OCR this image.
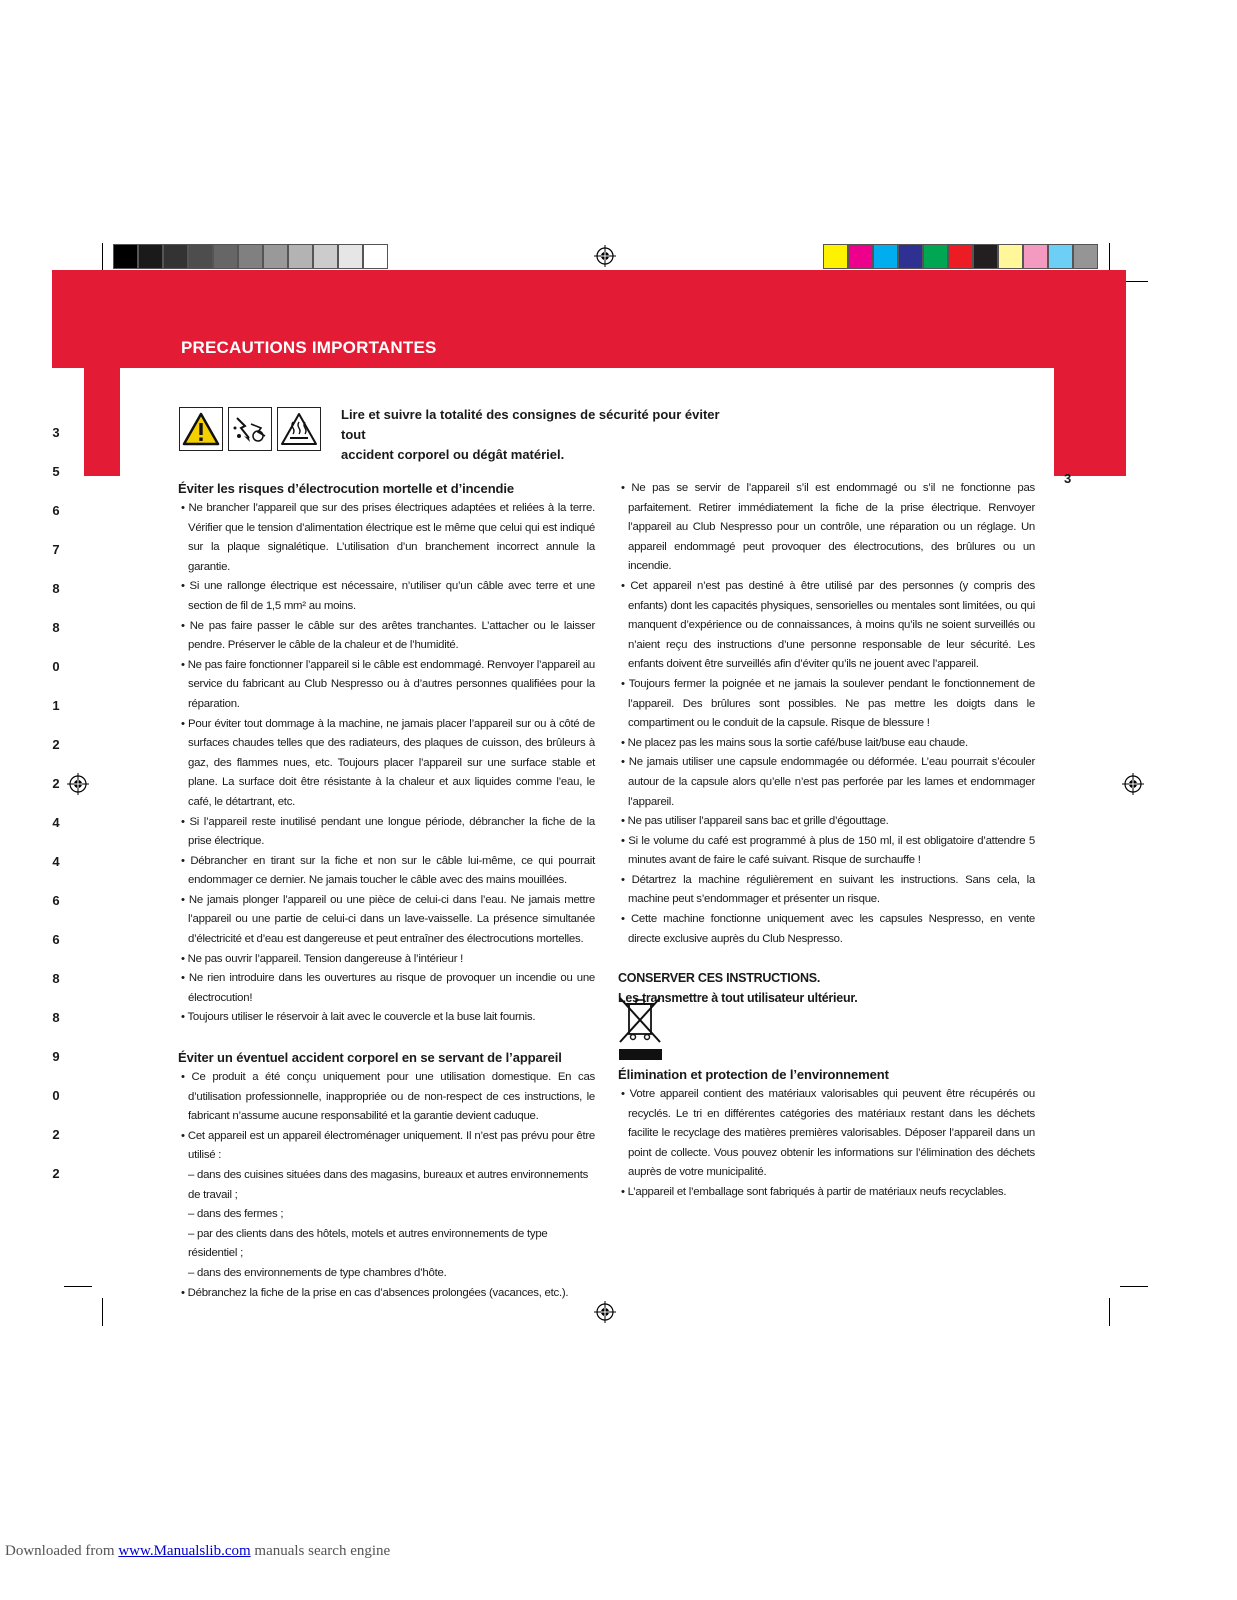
PRECAUTIONS IMPORTANTES
3
3
5
6
7
8
8
0
1
2
2
4
4
6
6
8
8
9
0
2
2
Lire et suivre la totalité des consignes de sécurité pour éviter tout
accident corporel ou dégât matériel.
Éviter les risques d’électrocution mortelle et d’incendie

• Ne brancher l’appareil que sur des prises électriques adaptées et reliées à la terre. Vérifier que le tension d’alimentation électrique est le même que celui qui est indiqué sur la plaque signalétique. L’utilisation d’un branchement incorrect annule la garantie.

• Si une rallonge électrique est nécessaire, n’utiliser qu’un câble avec terre et une section de fil de 1,5 mm² au moins.

• Ne pas faire passer le câble sur des arêtes tranchantes. L’attacher ou le laisser pendre. Préserver le câble de la chaleur et de l’humidité.

• Ne pas faire fonctionner l’appareil si le câble est endommagé. Renvoyer l’appareil au service du fabricant au Club Nespresso ou à d’autres personnes qualifiées pour la réparation.

• Pour éviter tout dommage à la machine, ne jamais placer l’appareil sur ou à côté de surfaces chaudes telles que des radiateurs, des plaques de cuisson, des brûleurs à gaz, des flammes nues, etc. Toujours placer l’appareil sur une surface stable et plane. La surface doit être résistante à la chaleur et aux liquides comme l’eau, le café, le détartrant, etc.

• Si l’appareil reste inutilisé pendant une longue période, débrancher la fiche de la prise électrique.

• Débrancher en tirant sur la fiche et non sur le câble lui-même, ce qui pourrait endommager ce dernier. Ne jamais toucher le câble avec des mains mouillées.

• Ne jamais plonger l’appareil ou une pièce de celui-ci dans l’eau. Ne jamais mettre l’appareil ou une partie de celui-ci dans un lave-vaisselle. La présence simultanée d’électricité et d’eau est dangereuse et peut entraîner des électrocutions mortelles.

• Ne pas ouvrir l’appareil. Tension dangereuse à l’intérieur !

• Ne rien introduire dans les ouvertures au risque de provoquer un incendie ou une électrocution!

• Toujours utiliser le réservoir à lait avec le couvercle et la buse lait fournis.

Éviter un éventuel accident corporel en se servant de l’appareil

• Ce produit a été conçu uniquement pour une utilisation domestique. En cas d’utilisation professionnelle, inappropriée ou de non-respect de ces instructions, le fabricant n’assume aucune responsabilité et la garantie devient caduque.

• Cet appareil est un appareil électroménager uniquement. Il n’est pas prévu pour être utilisé :

– dans des cuisines situées dans des magasins, bureaux et autres environnements de travail ;

– dans des fermes ;

– par des clients dans des hôtels, motels et autres environnements de type résidentiel ;

– dans des environnements de type chambres d’hôte.

• Débranchez la fiche de la prise en cas d’absences prolongées (vacances, etc.).

• Ne pas se servir de l’appareil s’il est endommagé ou s’il ne fonctionne pas parfaitement. Retirer immédiatement la fiche de la prise électrique. Renvoyer l’appareil au Club Nespresso pour un contrôle, une réparation ou un réglage. Un appareil endommagé peut provoquer des électrocutions, des brûlures ou un incendie.

• Cet appareil n’est pas destiné à être utilisé par des personnes (y compris des enfants) dont les capacités physiques, sensorielles ou mentales sont limitées, ou qui manquent d’expérience ou de connaissances, à moins qu’ils ne soient surveillés ou n’aient reçu des instructions d’une personne responsable de leur sécurité. Les enfants doivent être surveillés afin d’éviter qu’ils ne jouent avec l’appareil.

• Toujours fermer la poignée et ne jamais la soulever pendant le fonctionnement de l’appareil. Des brûlures sont possibles. Ne pas mettre les doigts dans le compartiment ou le conduit de la capsule. Risque de blessure !

• Ne placez pas les mains sous la sortie café/buse lait/buse eau chaude.

• Ne jamais utiliser une capsule endommagée ou déformée. L’eau pourrait s’écouler autour de la capsule alors qu’elle n’est pas perforée par les lames et endommager l’appareil.

• Ne pas utiliser l’appareil sans bac et grille d’égouttage.

• Si le volume du café est programmé à plus de 150 ml, il est obligatoire d’attendre 5 minutes avant de faire le café suivant. Risque de surchauffe !

• Détartrez la machine régulièrement en suivant les instructions. Sans cela, la machine peut s’endommager et présenter un risque.

• Cette machine fonctionne uniquement avec les capsules Nespresso, en vente directe exclusive auprès du Club Nespresso.

CONSERVER CES INSTRUCTIONS.

Les transmettre à tout utilisateur ultérieur.

Élimination et protection de l’environnement

• Votre appareil contient des matériaux valorisables qui peuvent être récupérés ou recyclés. Le tri en différentes catégories des matériaux restant dans les déchets facilite le recyclage des matières premières valorisables. Déposer l’appareil dans un point de collecte. Vous pouvez obtenir les informations sur l’élimination des déchets auprès de votre municipalité.

• L’appareil et l’emballage sont fabriqués à partir de matériaux neufs recyclables.

Downloaded from www.Manualslib.com manuals search engine
